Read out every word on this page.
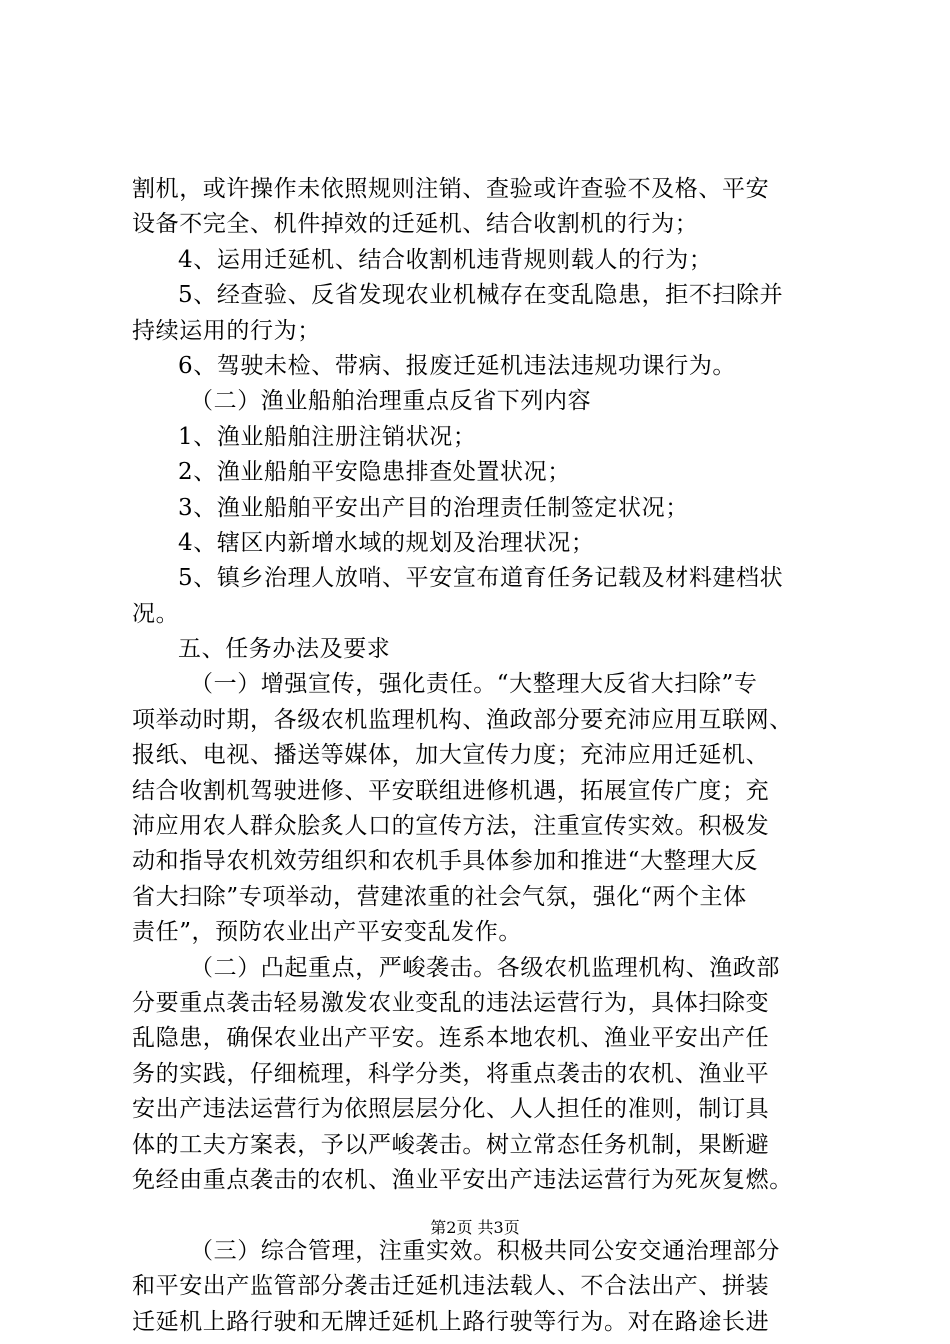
割机，或许操作未依照规则注销、查验或许查验不及格、平安
设备不完全、机件掉效的迁延机、结合收割机的行为；
4、运用迁延机、结合收割机违背规则载人的行为；
5、经查验、反省发现农业机械存在变乱隐患，拒不扫除并
持续运用的行为；
6、驾驶未检、带病、报废迁延机违法违规功课行为。
（二）渔业船舶治理重点反省下列内容
1、渔业船舶注册注销状况；
2、渔业船舶平安隐患排查处置状况；
3、渔业船舶平安出产目的治理责任制签定状况；
4、辖区内新增水域的规划及治理状况；
5、镇乡治理人放哨、平安宣布道育任务记载及材料建档状
况。
五、任务办法及要求
（一）增强宣传，强化责任。“大整理大反省大扫除”专
项举动时期，各级农机监理机构、渔政部分要充沛应用互联网、
报纸、电视、播送等媒体，加大宣传力度；充沛应用迁延机、
结合收割机驾驶进修、平安联组进修机遇，拓展宣传广度；充
沛应用农人群众脍炙人口的宣传方法，注重宣传实效。积极发
动和指导农机效劳组织和农机手具体参加和推进“大整理大反
省大扫除”专项举动，营建浓重的社会气氛，强化“两个主体
责任”，预防农业出产平安变乱发作。
（二）凸起重点，严峻袭击。各级农机监理机构、渔政部
分要重点袭击轻易激发农业变乱的违法运营行为，具体扫除变
乱隐患，确保农业出产平安。连系本地农机、渔业平安出产任
务的实践，仔细梳理，科学分类，将重点袭击的农机、渔业平
安出产违法运营行为依照层层分化、人人担任的准则，制订具
体的工夫方案表，予以严峻袭击。树立常态任务机制，果断避
免经由重点袭击的农机、渔业平安出产违法运营行为死灰复燃。
（三）综合管理，注重实效。积极共同公安交通治理部分
和平安出产监管部分袭击迁延机违法载人、不合法出产、拼装
迁延机上路行驶和无牌迁延机上路行驶等行为。对在路途长进
第2页 共3页
